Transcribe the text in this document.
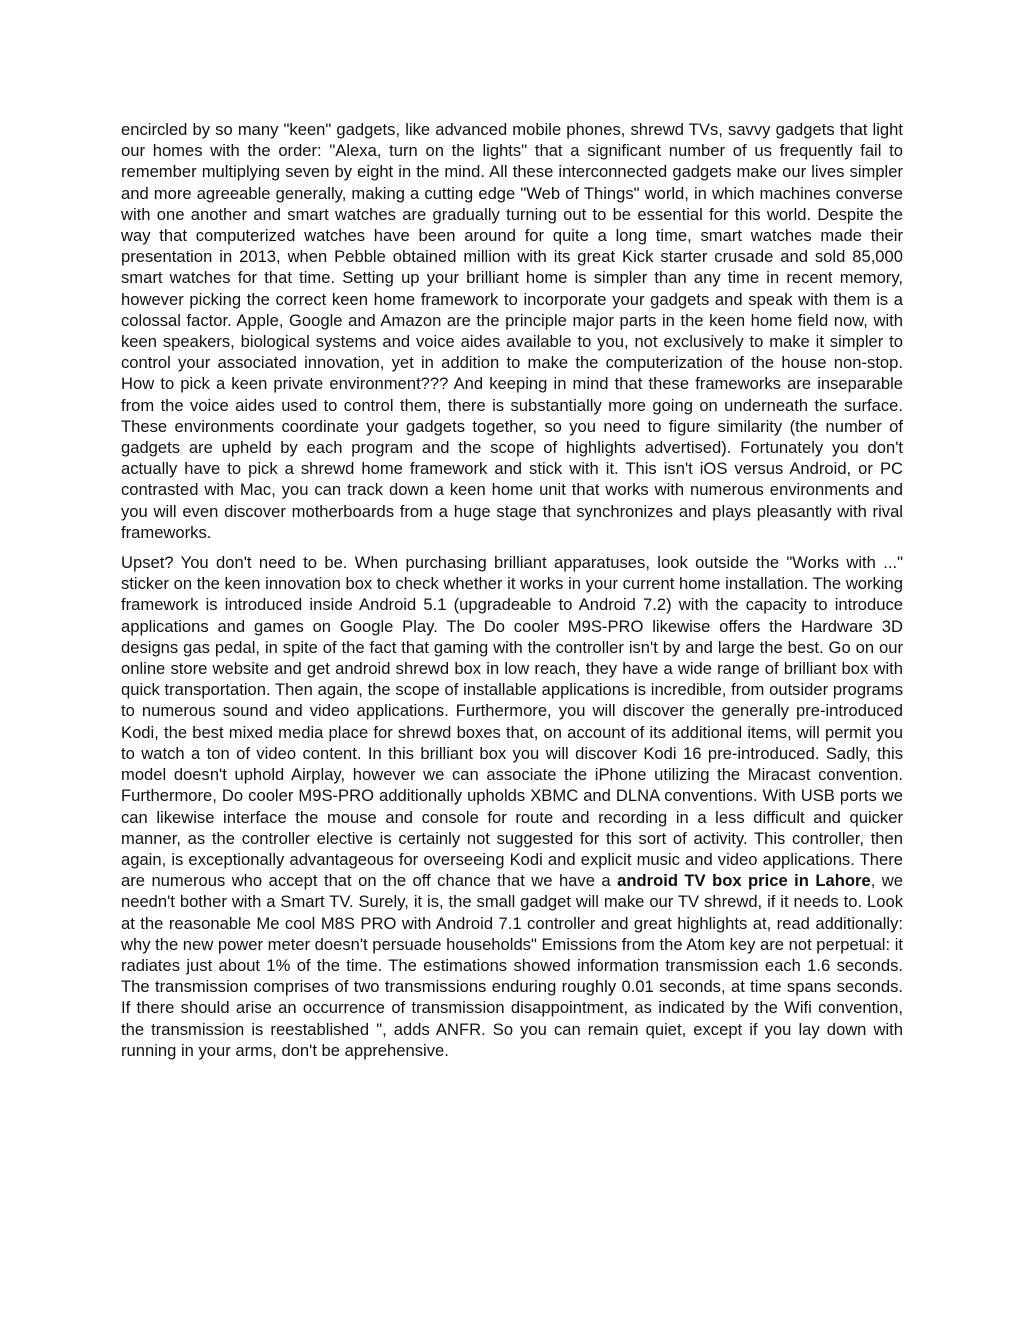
encircled by so many "keen" gadgets, like advanced mobile phones, shrewd TVs, savvy gadgets that light our homes with the order: "Alexa, turn on the lights" that a significant number of us frequently fail to remember multiplying seven by eight in the mind. All these interconnected gadgets make our lives simpler and more agreeable generally, making a cutting edge "Web of Things" world, in which machines converse with one another and smart watches are gradually turning out to be essential for this world. Despite the way that computerized watches have been around for quite a long time, smart watches made their presentation in 2013, when Pebble obtained million with its great Kick starter crusade and sold 85,000 smart watches for that time. Setting up your brilliant home is simpler than any time in recent memory, however picking the correct keen home framework to incorporate your gadgets and speak with them is a colossal factor. Apple, Google and Amazon are the principle major parts in the keen home field now, with keen speakers, biological systems and voice aides available to you, not exclusively to make it simpler to control your associated innovation, yet in addition to make the computerization of the house non-stop. How to pick a keen private environment??? And keeping in mind that these frameworks are inseparable from the voice aides used to control them, there is substantially more going on underneath the surface. These environments coordinate your gadgets together, so you need to figure similarity (the number of gadgets are upheld by each program and the scope of highlights advertised). Fortunately you don't actually have to pick a shrewd home framework and stick with it. This isn't iOS versus Android, or PC contrasted with Mac, you can track down a keen home unit that works with numerous environments and you will even discover motherboards from a huge stage that synchronizes and plays pleasantly with rival frameworks.

Upset? You don't need to be. When purchasing brilliant apparatuses, look outside the "Works with ..." sticker on the keen innovation box to check whether it works in your current home installation. The working framework is introduced inside Android 5.1 (upgradeable to Android 7.2) with the capacity to introduce applications and games on Google Play. The Do cooler M9S-PRO likewise offers the Hardware 3D designs gas pedal, in spite of the fact that gaming with the controller isn't by and large the best. Go on our online store website and get android shrewd box in low reach, they have a wide range of brilliant box with quick transportation. Then again, the scope of installable applications is incredible, from outsider programs to numerous sound and video applications. Furthermore, you will discover the generally pre-introduced Kodi, the best mixed media place for shrewd boxes that, on account of its additional items, will permit you to watch a ton of video content. In this brilliant box you will discover Kodi 16 pre-introduced. Sadly, this model doesn't uphold Airplay, however we can associate the iPhone utilizing the Miracast convention. Furthermore, Do cooler M9S-PRO additionally upholds XBMC and DLNA conventions. With USB ports we can likewise interface the mouse and console for route and recording in a less difficult and quicker manner, as the controller elective is certainly not suggested for this sort of activity. This controller, then again, is exceptionally advantageous for overseeing Kodi and explicit music and video applications. There are numerous who accept that on the off chance that we have a android TV box price in Lahore, we needn't bother with a Smart TV. Surely, it is, the small gadget will make our TV shrewd, if it needs to. Look at the reasonable Me cool M8S PRO with Android 7.1 controller and great highlights at, read additionally: why the new power meter doesn't persuade households" Emissions from the Atom key are not perpetual: it radiates just about 1% of the time. The estimations showed information transmission each 1.6 seconds. The transmission comprises of two transmissions enduring roughly 0.01 seconds, at time spans seconds. If there should arise an occurrence of transmission disappointment, as indicated by the Wifi convention, the transmission is reestablished ", adds ANFR. So you can remain quiet, except if you lay down with running in your arms, don't be apprehensive.
